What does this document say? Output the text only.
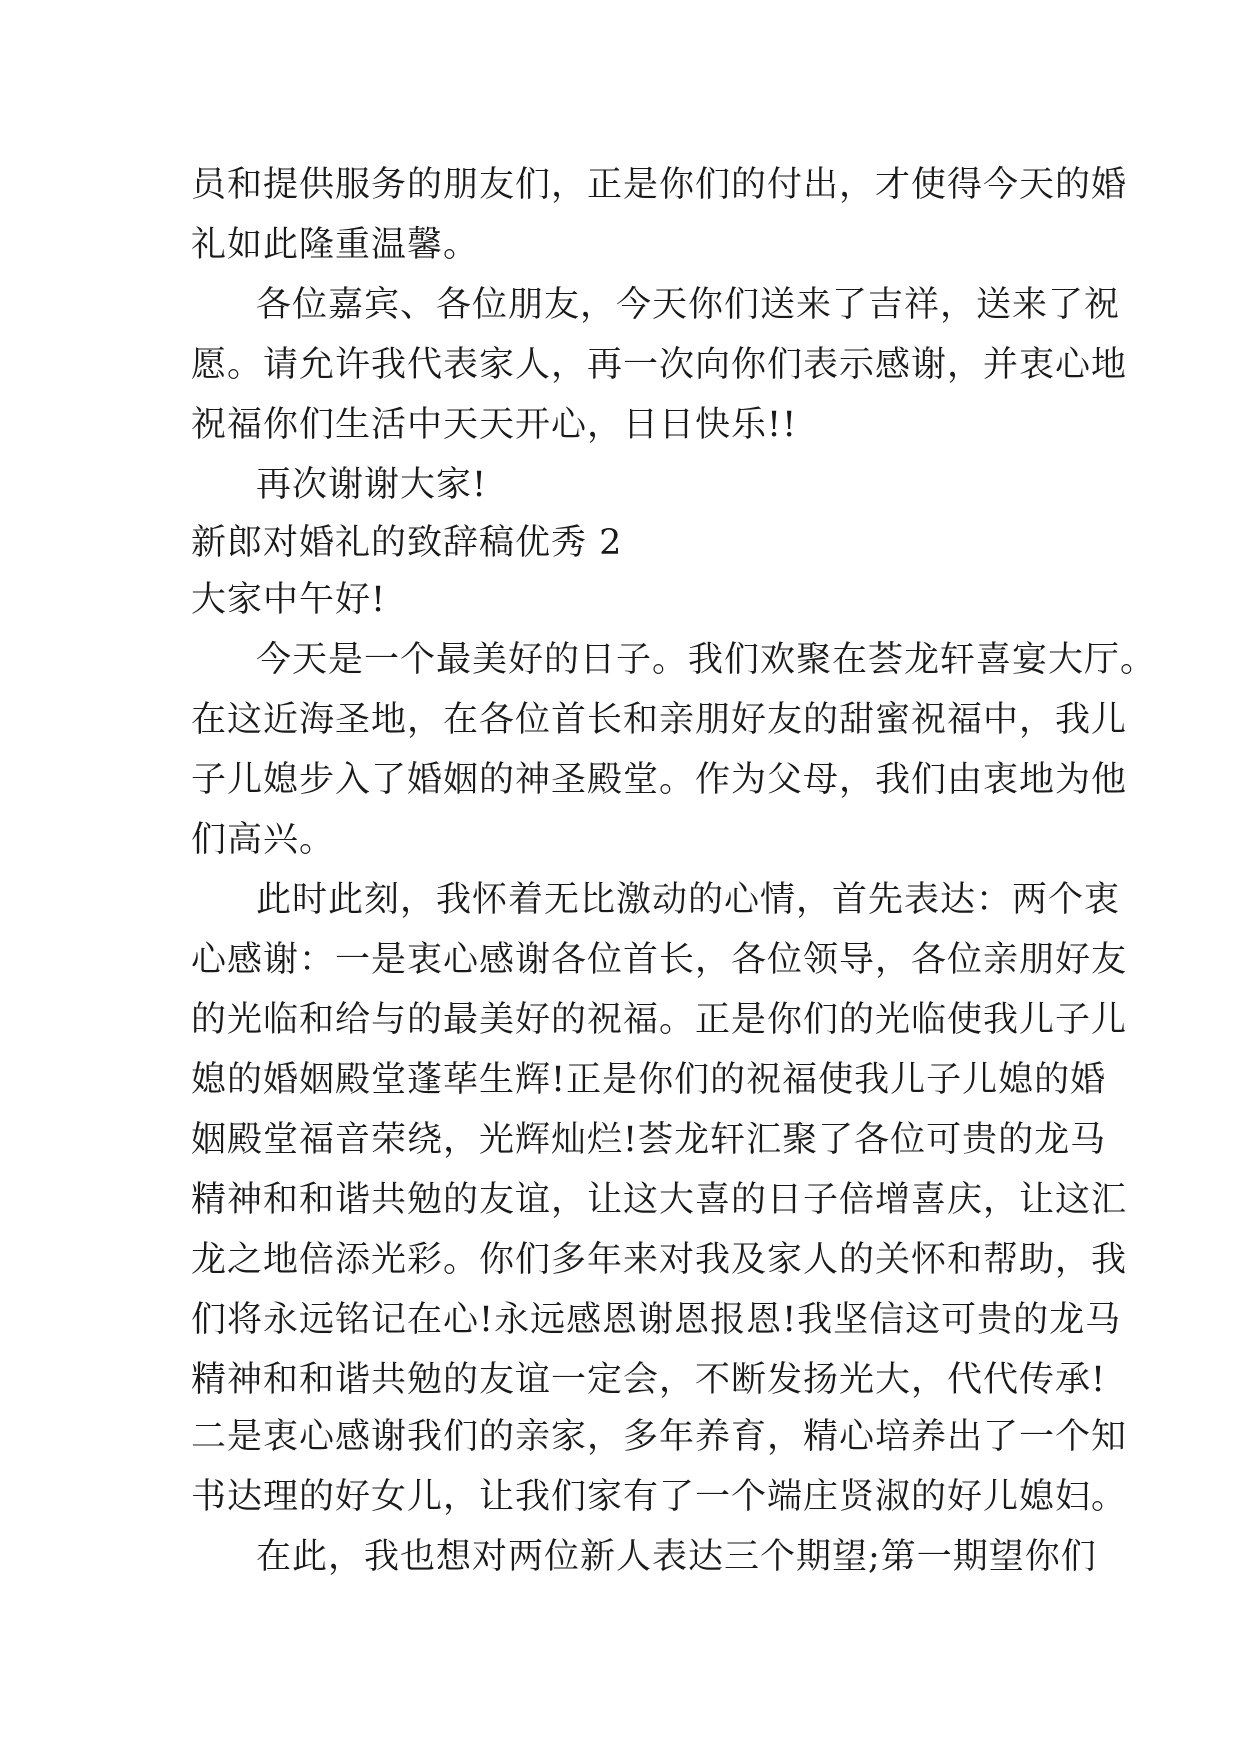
员和提供服务的朋友们，正是你们的付出，才使得今天的婚
礼如此隆重温馨。
各位嘉宾、各位朋友，今天你们送来了吉祥，送来了祝
愿。请允许我代表家人，再一次向你们表示感谢，并衷心地
祝福你们生活中天天开心，日日快乐!!
再次谢谢大家!
新郎对婚礼的致辞稿优秀 2
大家中午好!
今天是一个最美好的日子。我们欢聚在荟龙轩喜宴大厅。
在这近海圣地，在各位首长和亲朋好友的甜蜜祝福中，我儿
子儿媳步入了婚姻的神圣殿堂。作为父母，我们由衷地为他
们高兴。
此时此刻，我怀着无比激动的心情，首先表达：两个衷
心感谢：一是衷心感谢各位首长，各位领导，各位亲朋好友
的光临和给与的最美好的祝福。正是你们的光临使我儿子儿
媳的婚姻殿堂蓬荜生辉!正是你们的祝福使我儿子儿媳的婚
姻殿堂福音荣绕，光辉灿烂!荟龙轩汇聚了各位可贵的龙马
精神和和谐共勉的友谊，让这大喜的日子倍增喜庆，让这汇
龙之地倍添光彩。你们多年来对我及家人的关怀和帮助，我
们将永远铭记在心!永远感恩谢恩报恩!我坚信这可贵的龙马
精神和和谐共勉的友谊一定会，不断发扬光大，代代传承!
二是衷心感谢我们的亲家，多年养育，精心培养出了一个知
书达理的好女儿，让我们家有了一个端庄贤淑的好儿媳妇。
在此，我也想对两位新人表达三个期望;第一期望你们
